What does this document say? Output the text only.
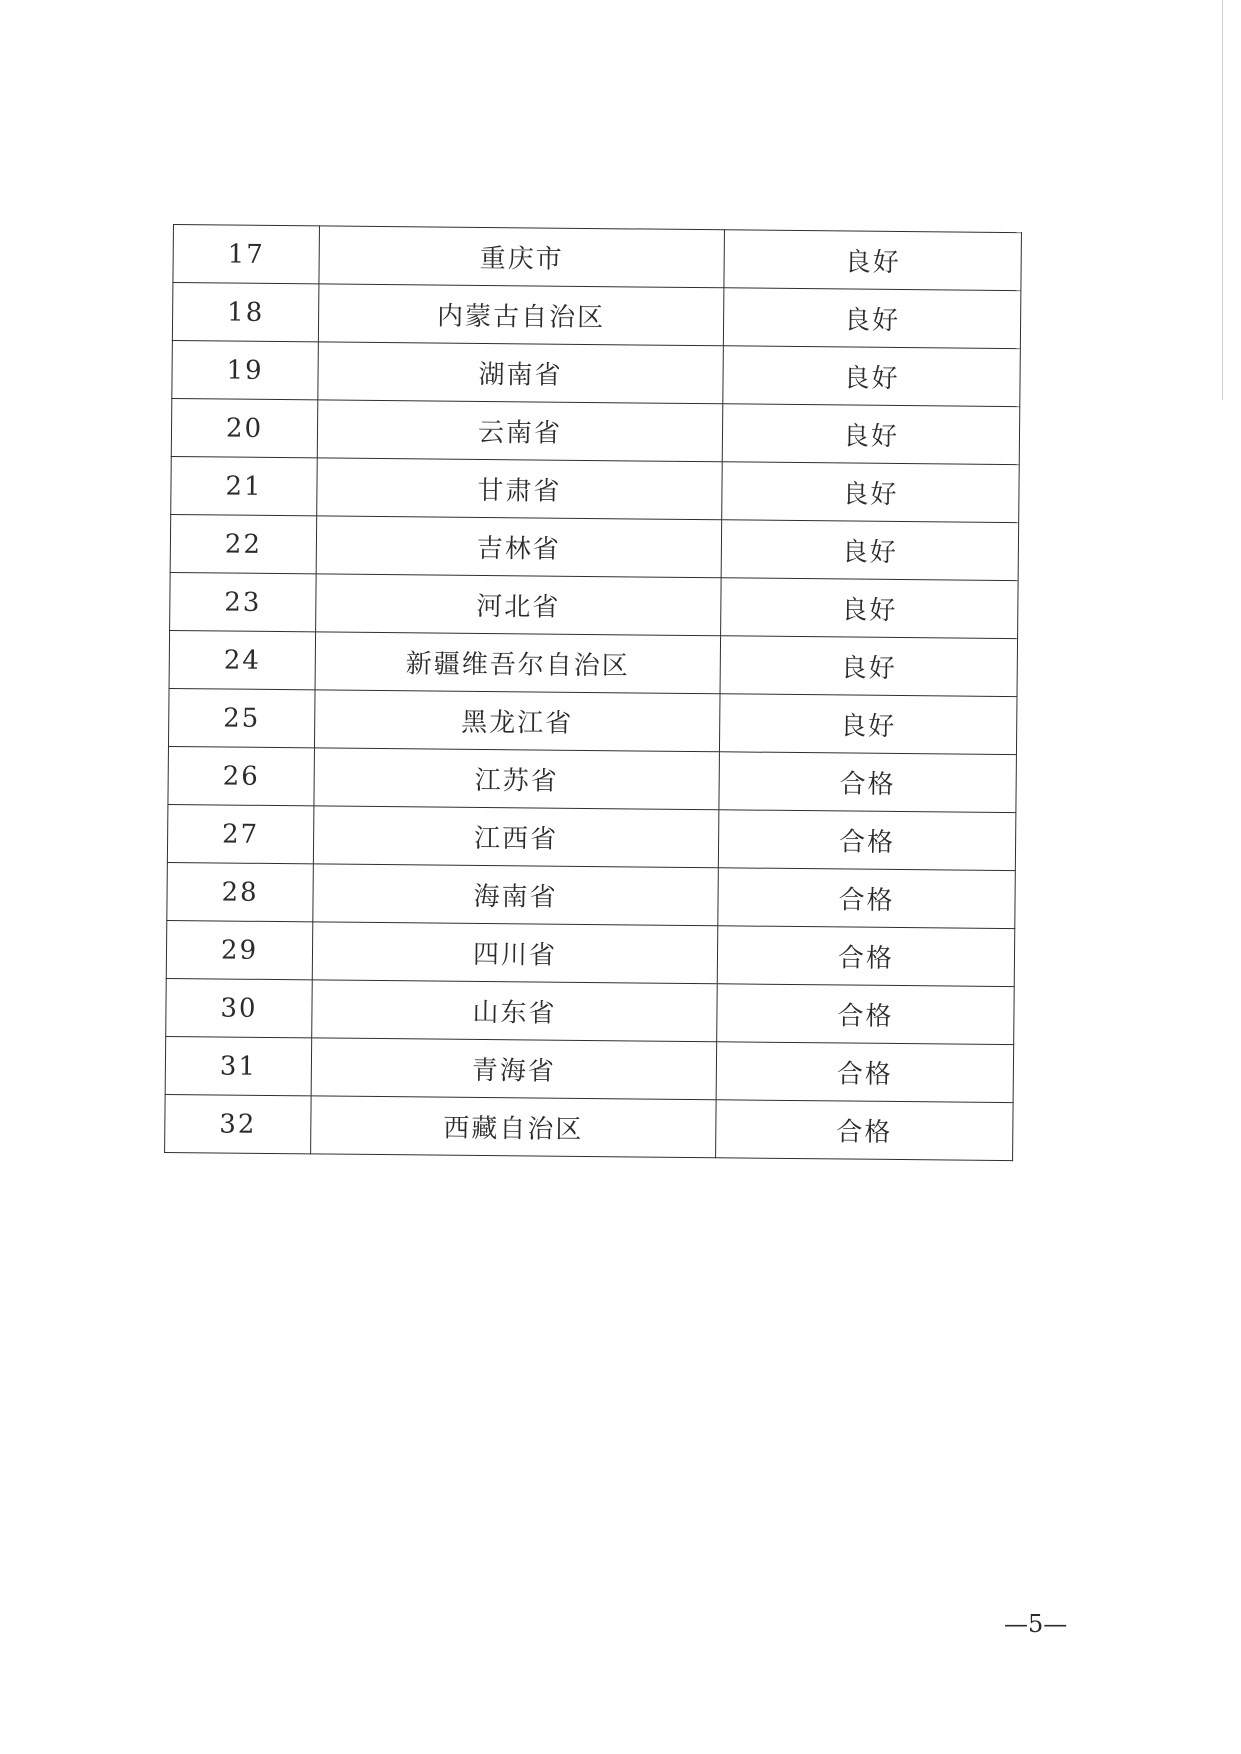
17	重庆市	良好
18	内蒙古自治区	良好
19	湖南省	良好
20	云南省	良好
21	甘肃省	良好
22	吉林省	良好
23	河北省	良好
24	新疆维吾尔自治区	良好
25	黑龙江省	良好
26	江苏省	合格
27	江西省	合格
28	海南省	合格
29	四川省	合格
30	山东省	合格
31	青海省	合格
32	西藏自治区	合格
—5—
